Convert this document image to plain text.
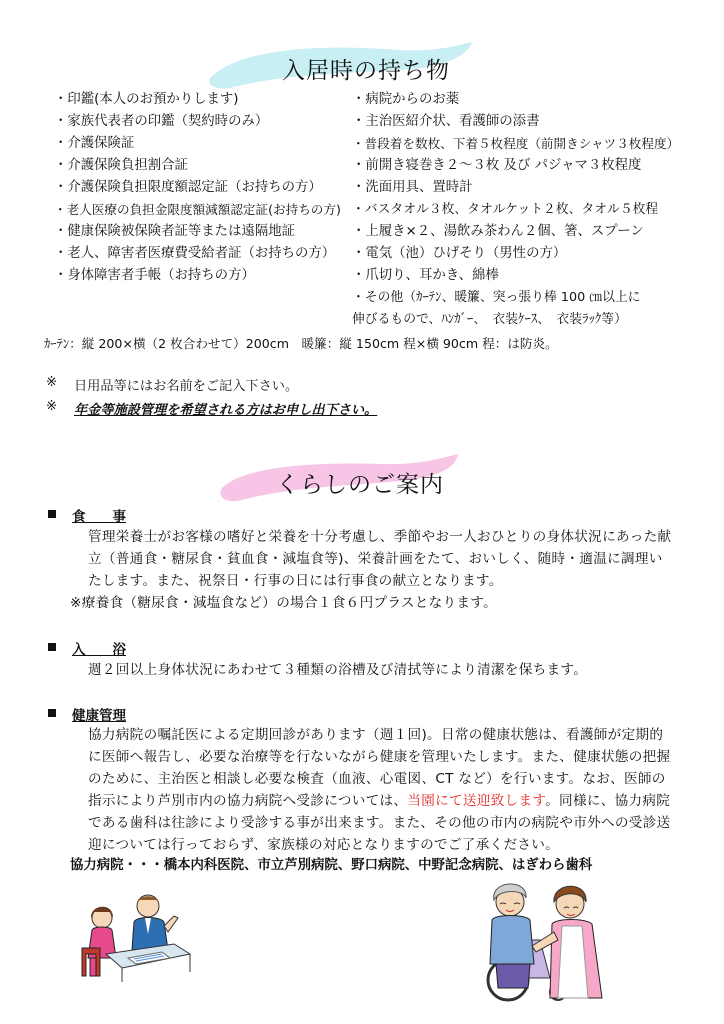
入居時の持ち物
・印鑑(本人のお預かりします)
・家族代表者の印鑑（契約時のみ）
・介護保険証
・介護保険負担割合証
・介護保険負担限度額認定証（お持ちの方）
・老人医療の負担金限度額減額認定証(お持ちの方)
・健康保険被保険者証等または遠隔地証
・老人、障害者医療費受給者証（お持ちの方）
・身体障害者手帳（お持ちの方）
・病院からのお薬
・主治医紹介状、看護師の添書
・普段着を数枚、下着５枚程度（前開きシャツ３枚程度）
・前開き寝巻き２～３枚 及び パジャマ３枚程度
・洗面用具、置時計
・バスタオル３枚、タオルケット２枚、タオル５枚程
・上履き×２、湯飲み茶わん２個、箸、スプーン
・電気（池）ひげそり（男性の方）
・爪切り、耳かき、綿棒
・その他（ｶｰﾃﾝ、暖簾、突っ張り棒 100 ㎝以上に
伸びるもので、ﾊﾝｶﾞｰ、　衣装ｹｰｽ、　衣装ﾗｯｸ等）
ｶｰﾃﾝ：縦 200×横（2 枚合わせて）200cm　暖簾：縦 150cm 程×横 90cm 程：は防炎。
※ 日用品等にはお名前をご記入下さい。
※ 年金等施設管理を希望される方はお申し出下さい。
くらしのご案内
食　　事
管理栄養士がお客様の嗜好と栄養を十分考慮し、季節やお一人おひとりの身体状況にあった献
立（普通食・糖尿食・貧血食・減塩食等)、栄養計画をたて、おいしく、随時・適温に調理い
たします。また、祝祭日・行事の日には行事食の献立となります。
※療養食（糖尿食・減塩食など）の場合１食６円プラスとなります。
入　　浴
週２回以上身体状況にあわせて３種類の浴槽及び清拭等により清潔を保ちます。
健康管理
協力病院の嘱託医による定期回診があります（週１回)。日常の健康状態は、看護師が定期的
に医師へ報告し、必要な治療等を行ないながら健康を管理いたします。また、健康状態の把握
のために、主治医と相談し必要な検査（血液、心電図、CT など）を行います。なお、医師の
指示により芦別市内の協力病院へ受診については、当園にて送迎致します。同様に、協力病院
である歯科は往診により受診する事が出来ます。また、その他の市内の病院や市外への受診送
迎については行っておらず、家族様の対応となりますのでご了承ください。
協力病院・・・橋本内科医院、市立芦別病院、野口病院、中野記念病院、はぎわら歯科
